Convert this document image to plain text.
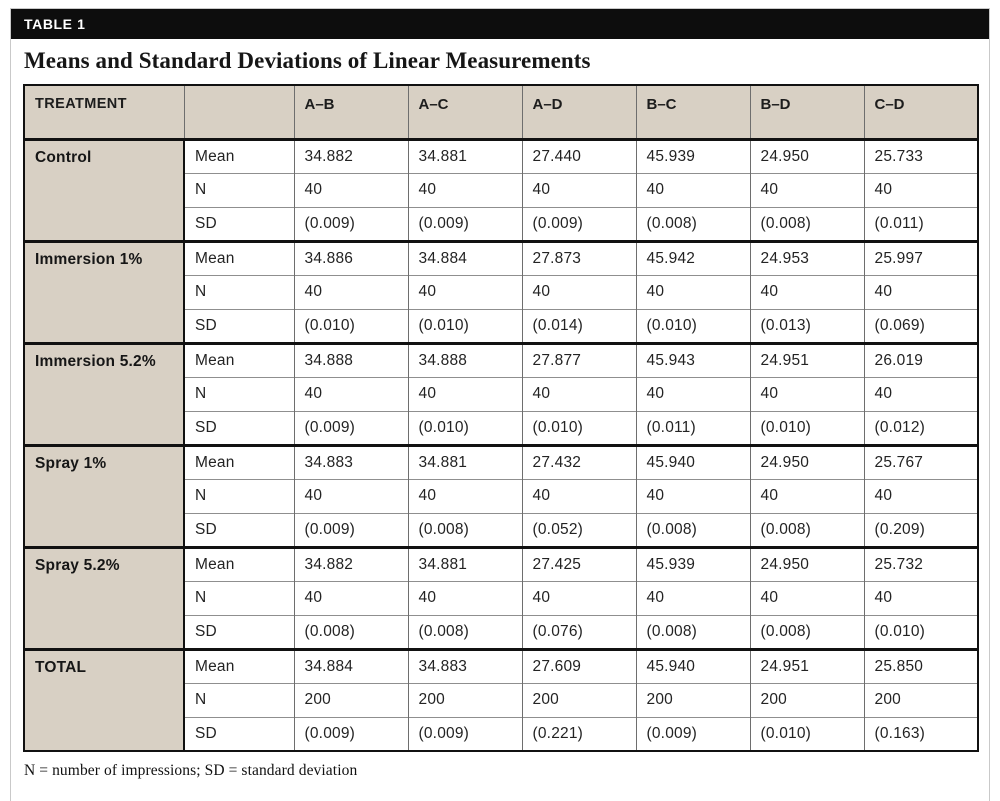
TABLE 1
Means and Standard Deviations of Linear Measurements
TREATMENT		A–B	A–C	A–D	B–C	B–D	C–D
Control	Mean	34.882	34.881	27.440	45.939	24.950	25.733
	N	40	40	40	40	40	40
	SD	(0.009)	(0.009)	(0.009)	(0.008)	(0.008)	(0.011)
Immersion 1%	Mean	34.886	34.884	27.873	45.942	24.953	25.997
	N	40	40	40	40	40	40
	SD	(0.010)	(0.010)	(0.014)	(0.010)	(0.013)	(0.069)
Immersion 5.2%	Mean	34.888	34.888	27.877	45.943	24.951	26.019
	N	40	40	40	40	40	40
	SD	(0.009)	(0.010)	(0.010)	(0.011)	(0.010)	(0.012)
Spray 1%	Mean	34.883	34.881	27.432	45.940	24.950	25.767
	N	40	40	40	40	40	40
	SD	(0.009)	(0.008)	(0.052)	(0.008)	(0.008)	(0.209)
Spray 5.2%	Mean	34.882	34.881	27.425	45.939	24.950	25.732
	N	40	40	40	40	40	40
	SD	(0.008)	(0.008)	(0.076)	(0.008)	(0.008)	(0.010)
TOTAL	Mean	34.884	34.883	27.609	45.940	24.951	25.850
	N	200	200	200	200	200	200
	SD	(0.009)	(0.009)	(0.221)	(0.009)	(0.010)	(0.163)
N = number of impressions; SD = standard deviation
